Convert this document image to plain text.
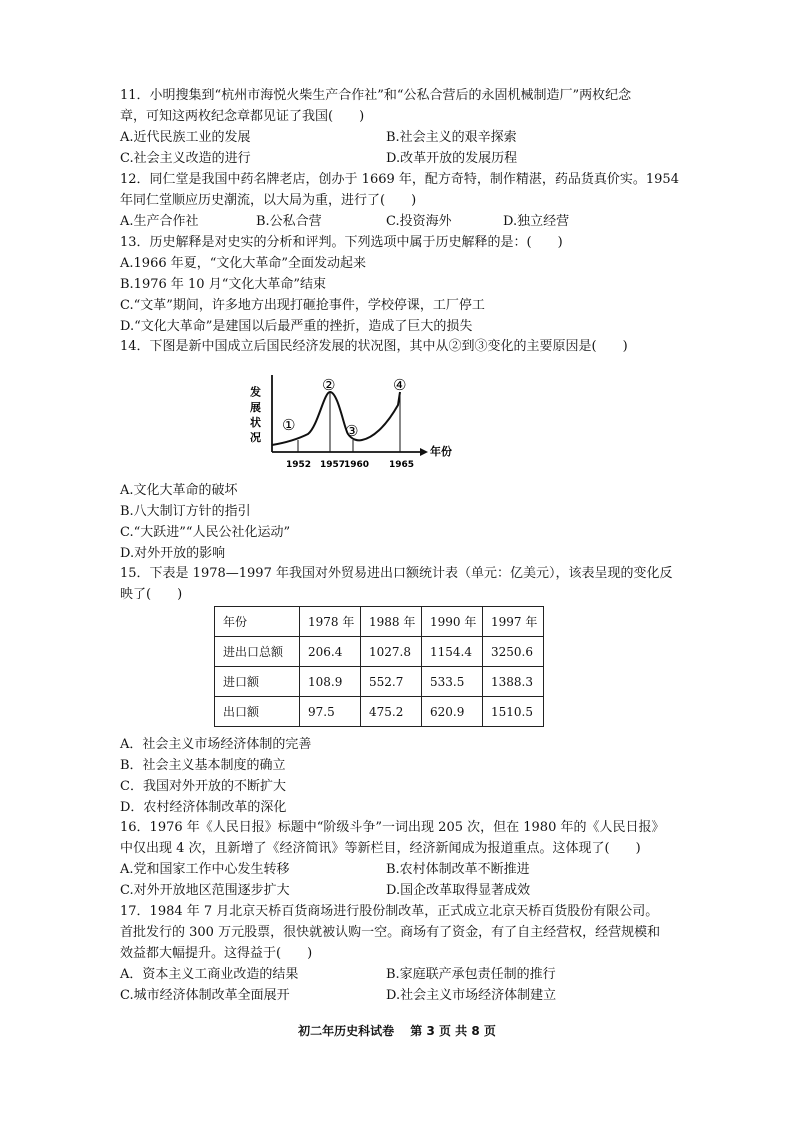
11．小明搜集到“杭州市海悦火柴生产合作社”和“公私合营后的永固机械制造厂”两枚纪念
章，可知这两枚纪念章都见证了我国(　　)
A.近代民族工业的发展	B.社会主义的艰辛探索
C.社会主义改造的进行	D.改革开放的发展历程
12．同仁堂是我国中药名牌老店，创办于 1669 年，配方奇特，制作精湛，药品货真价实。1954
年同仁堂顺应历史潮流，以大局为重，进行了(　　)
A.生产合作社	B.公私合营	C.投资海外	D.独立经营
13．历史解释是对史实的分析和评判。下列选项中属于历史解释的是：(　　)
A.1966 年夏，“文化大革命”全面发动起来
B.1976 年 10 月“文化大革命”结束
C.“文革”期间，许多地方出现打砸抢事件，学校停课，工厂停工
D.“文化大革命”是建国以后最严重的挫折，造成了巨大的损失
14．下图是新中国成立后国民经济发展的状况图，其中从②到③变化的主要原因是(　　)
发 展 状 况
年份
①
②
③
④
1952 1957
1960 1965
A.文化大革命的破坏
B.八大制订方针的指引
C.“大跃进”“人民公社化运动”
D.对外开放的影响
15．下表是 1978—1997 年我国对外贸易进出口额统计表（单元：亿美元），该表呈现的变化反
映了(　　)
年份	1978 年	1988 年	1990 年	1997 年
进出口总额	206.4	1027.8	1154.4	3250.6
进口额	108.9	552.7	533.5	1388.3
出口额	97.5	475.2	620.9	1510.5
A．社会主义市场经济体制的完善
B．社会主义基本制度的确立
C．我国对外开放的不断扩大
D．农村经济体制改革的深化
16．1976 年《人民日报》标题中“阶级斗争”一词出现 205 次，但在 1980 年的《人民日报》
中仅出现 4 次，且新增了《经济简讯》等新栏目，经济新闻成为报道重点。这体现了(　　)
A.党和国家工作中心发生转移	B.农村体制改革不断推进
C.对外开放地区范围逐步扩大	D.国企改革取得显著成效
17．1984 年 7 月北京天桥百货商场进行股份制改革，正式成立北京天桥百货股份有限公司。
首批发行的 300 万元股票，很快就被认购一空。商场有了资金，有了自主经营权，经营规模和
效益都大幅提升。这得益于(　　)
A．资本主义工商业改造的结果	B.家庭联产承包责任制的推行
C.城市经济体制改革全面展开	D.社会主义市场经济体制建立
初二年历史科试卷 第 3 页 共 8 页
